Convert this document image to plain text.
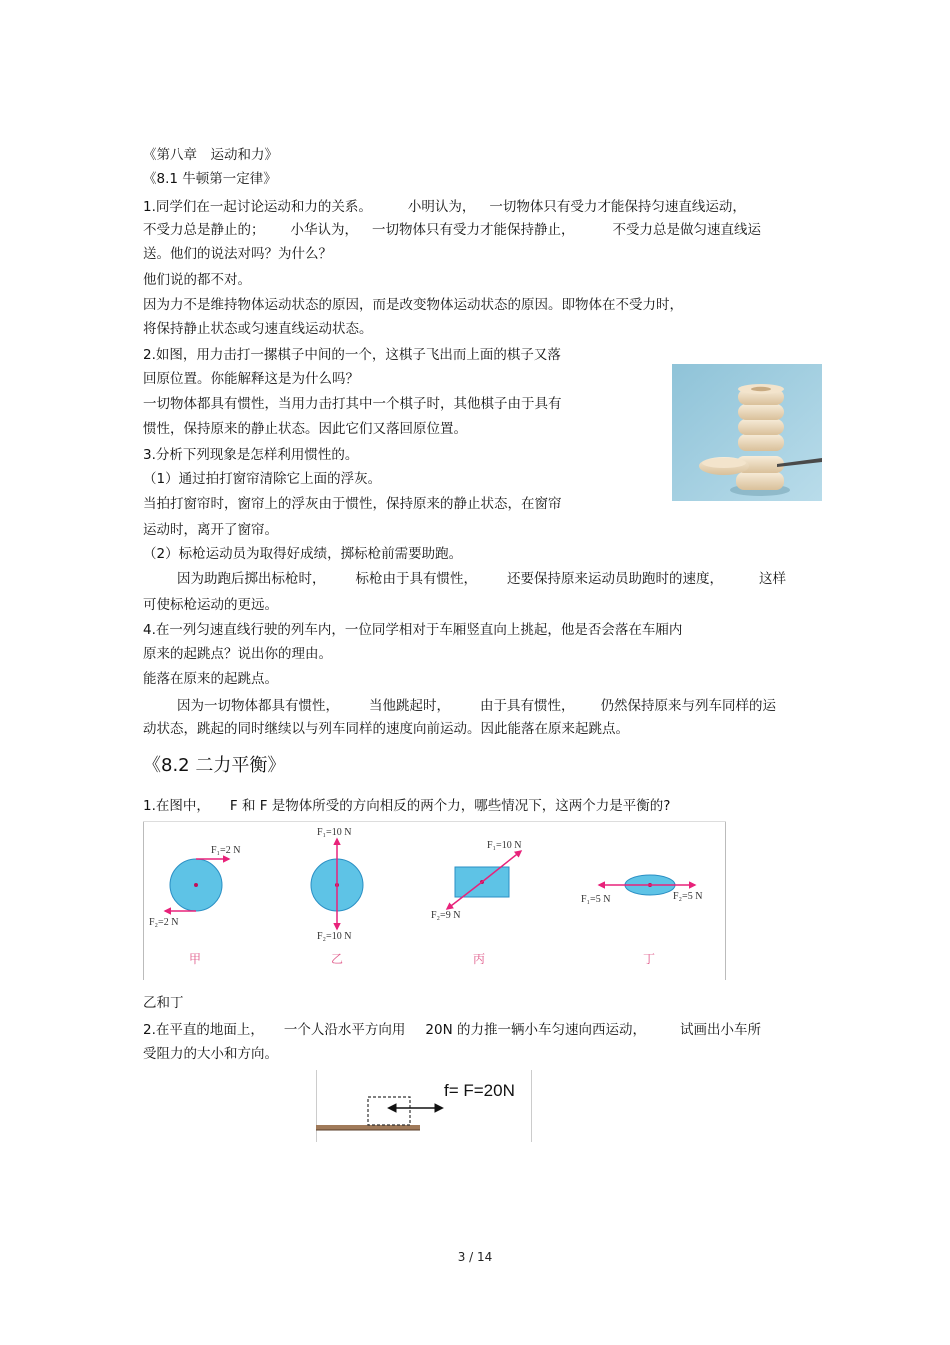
《第八章　运动和力》
《8.1 牛顿第一定律》
1.同学们在一起讨论运动和力的关系。	小明认为， 一切物体只有受力才能保持匀速直线运动，
不受力总是静止的； 小华认为， 一切物体只有受力才能保持静止，	不受力总是做匀速直线运
送。他们的说法对吗？为什么？
他们说的都不对。
因为力不是维持物体运动状态的原因，而是改变物体运动状态的原因。即物体在不受力时，
将保持静止状态或匀速直线运动状态。
2.如图，用力击打一摞棋子中间的一个，这棋子飞出而上面的棋子又落
回原位置。你能解释这是为什么吗？
一切物体都具有惯性，当用力击打其中一个棋子时，其他棋子由于具有
惯性，保持原来的静止状态。因此它们又落回原位置。
3.分析下列现象是怎样利用惯性的。
（1）通过拍打窗帘清除它上面的浮灰。
当拍打窗帘时，窗帘上的浮灰由于惯性，保持原来的静止状态，在窗帘
运动时，离开了窗帘。
（2）标枪运动员为取得好成绩，掷标枪前需要助跑。
因为助跑后掷出标枪时， 标枪由于具有惯性， 还要保持原来运动员助跑时的速度，	这样
可使标枪运动的更远。
4.在一列匀速直线行驶的列车内，一位同学相对于车厢竖直向上挑起，他是否会落在车厢内
原来的起跳点？说出你的理由。
能落在原来的起跳点。
因为一切物体都具有惯性， 当他跳起时， 由于具有惯性， 仍然保持原来与列车同样的运
动状态，跳起的同时继续以与列车同样的速度向前运动。因此能落在原来起跳点。
《8.2 二力平衡》
1.在图中， F 和 F 是物体所受的方向相反的两个力，哪些情况下，这两个力是平衡的?
F₁=2 N
F₂=2 N
甲
F₁=10 N
F₂=10 N
乙
F₁=10 N
F₂=9 N
丙
F₁=5 N	F₂=5 N
丁
乙和丁
2.在平直的地面上， 一个人沿水平方向用 20N 的力推一辆小车匀速向西运动，	试画出小车所
受阻力的大小和方向。
f= F=20N
3 / 14
